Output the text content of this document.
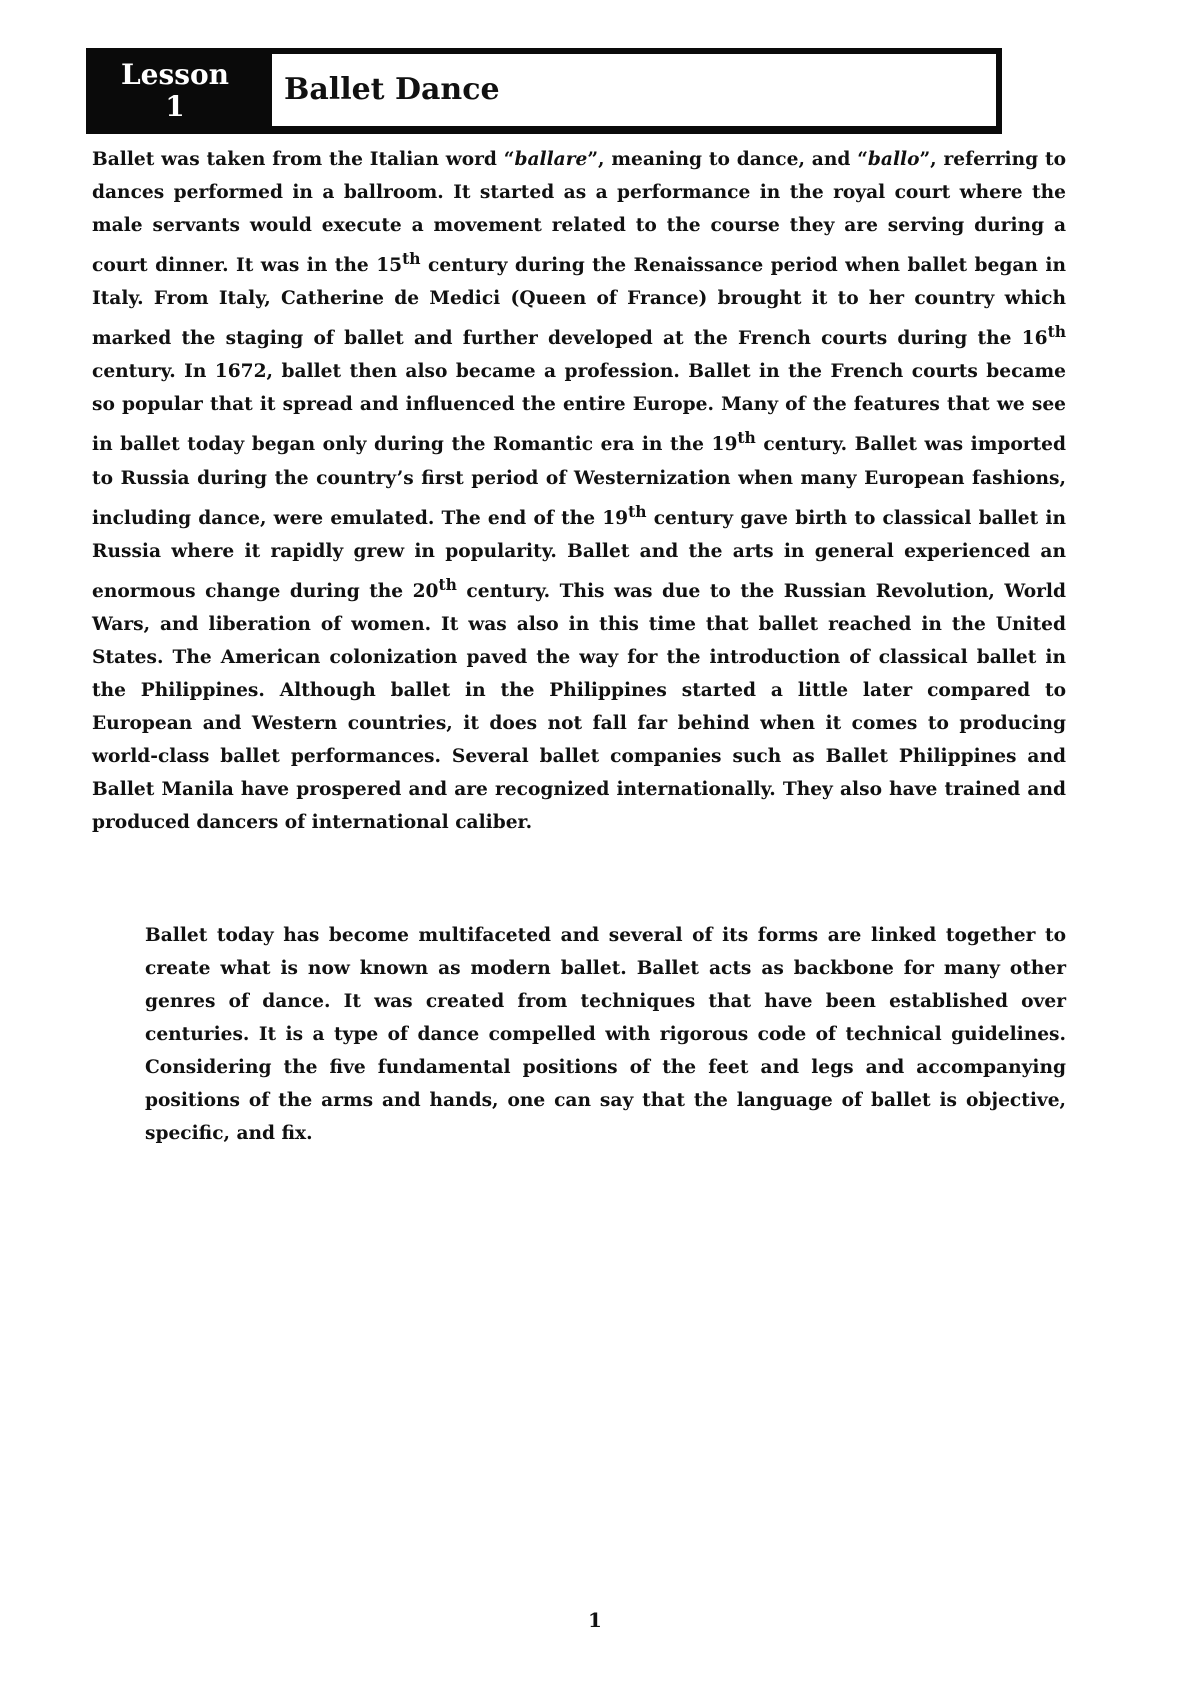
Lesson
1	Ballet Dance

Ballet was taken from the Italian word “ballare”, meaning to dance, and “ballo”, referring to dances performed in a ballroom. It started as a performance in the royal court where the male servants would execute a movement related to the course they are serving during a court dinner. It was in the 15th century during the Renaissance period when ballet began in Italy. From Italy, Catherine de Medici (Queen of France) brought it to her country which marked the staging of ballet and further developed at the French courts during the 16th century. In 1672, ballet then also became a profession. Ballet in the French courts became so popular that it spread and influenced the entire Europe. Many of the features that we see in ballet today began only during the Romantic era in the 19th century. Ballet was imported to Russia during the country’s first period of Westernization when many European fashions, including dance, were emulated. The end of the 19th century gave birth to classical ballet in Russia where it rapidly grew in popularity. Ballet and the arts in general experienced an enormous change during the 20th century. This was due to the Russian Revolution, World Wars, and liberation of women. It was also in this time that ballet reached in the United States. The American colonization paved the way for the introduction of classical ballet in the Philippines. Although ballet in the Philippines started a little later compared to European and Western countries, it does not fall far behind when it comes to producing world-class ballet performances. Several ballet companies such as Ballet Philippines and Ballet Manila have prospered and are recognized internationally. They also have trained and produced dancers of international caliber.

Ballet today has become multifaceted and several of its forms are linked together to create what is now known as modern ballet. Ballet acts as backbone for many other genres of dance. It was created from techniques that have been established over centuries. It is a type of dance compelled with rigorous code of technical guidelines. Considering the five fundamental positions of the feet and legs and accompanying positions of the arms and hands, one can say that the language of ballet is objective, specific, and fix.

1
